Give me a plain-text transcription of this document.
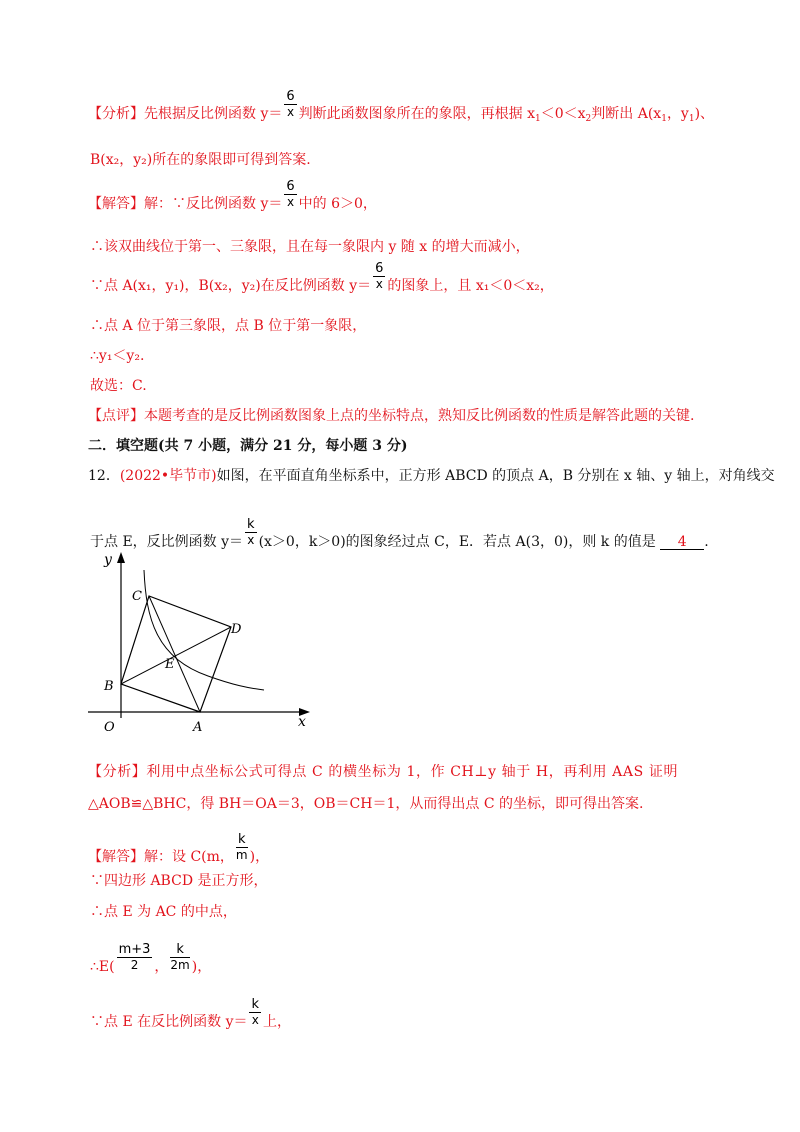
【分析】先根据反比例函数 $y= \frac{6}{x}$ 判断此函数图象所在的象限，再根据 $x_1<0<x_2$判断出 $A(x_1$，$y_1$)、
B(x₂，y₂)所在的象限即可得到答案.
【解答】解：∵反比例函数 $y= \frac{6}{x}$ 中的 6＞0，
∴该双曲线位于第一、三象限，且在每一象限内 y 随 x 的增大而减小，
∵点 A(x₁，y₁)，B(x₂，y₂)在反比例函数 $y= \frac{6}{x}$ 的图象上，且 x₁＜0＜x₂，
∴点 A 位于第三象限，点 B 位于第一象限，
∴y₁＜y₂.
故选：C.
【点评】本题考查的是反比例函数图象上点的坐标特点，熟知反比例函数的性质是解答此题的关键.
二．填空题(共 7 小题，满分 21 分，每小题 3 分)
12．(2022•毕节市)如图，在平面直角坐标系中，正方形 ABCD 的顶点 A，B 分别在 x 轴、y 轴上，对角线交
于点 E，反比例函数 $y= \frac{k}{x} (x>0$，k＞0)的图象经过点 C，E．若点 A(3，0)，则 k 的值是 4 .
y
x
O	A
B
C
D
E
【分析】利用中点坐标公式可得点 C 的横坐标为 1，作 CH⊥y 轴于 H，再利用 AAS 证明
△AOB≌△BHC，得 BH＝OA＝3，OB＝CH＝1，从而得出点 C 的坐标，即可得出答案.
【解答】解：设 C(m， $\frac{k}{m}$ )，
∵四边形 ABCD 是正方形，
∴点 E 为 AC 的中点，
∴E( $\frac{m+3}{2}$ ， $\frac{k}{2m}$ )，
∵点 E 在反比例函数 $y= \frac{k}{x}$ 上，
